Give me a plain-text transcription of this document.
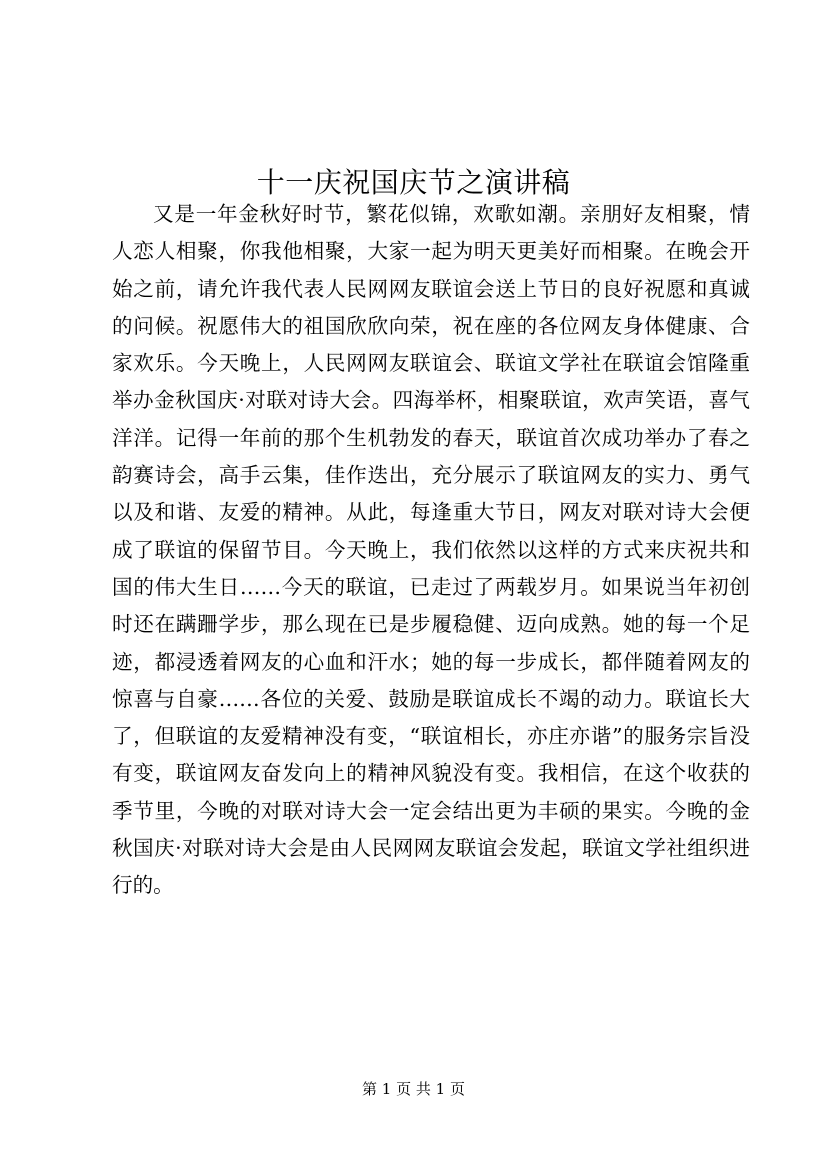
十一庆祝国庆节之演讲稿

又是一年金秋好时节，繁花似锦，欢歌如潮。亲朋好友相聚，情人恋人相聚，你我他相聚，大家一起为明天更美好而相聚。在晚会开始之前，请允许我代表人民网网友联谊会送上节日的良好祝愿和真诚的问候。祝愿伟大的祖国欣欣向荣，祝在座的各位网友身体健康、合家欢乐。今天晚上，人民网网友联谊会、联谊文学社在联谊会馆隆重举办金秋国庆·对联对诗大会。四海举杯，相聚联谊，欢声笑语，喜气洋洋。记得一年前的那个生机勃发的春天，联谊首次成功举办了春之韵赛诗会，高手云集，佳作迭出，充分展示了联谊网友的实力、勇气以及和谐、友爱的精神。从此，每逢重大节日，网友对联对诗大会便成了联谊的保留节目。今天晚上，我们依然以这样的方式来庆祝共和国的伟大生日……今天的联谊，已走过了两载岁月。如果说当年初创时还在蹒跚学步，那么现在已是步履稳健、迈向成熟。她的每一个足迹，都浸透着网友的心血和汗水；她的每一步成长，都伴随着网友的惊喜与自豪……各位的关爱、鼓励是联谊成长不竭的动力。联谊长大了，但联谊的友爱精神没有变，“联谊相长，亦庄亦谐”的服务宗旨没有变，联谊网友奋发向上的精神风貌没有变。我相信，在这个收获的季节里，今晚的对联对诗大会一定会结出更为丰硕的果实。今晚的金秋国庆·对联对诗大会是由人民网网友联谊会发起，联谊文学社组织进行的。

第 1 页 共 1 页
